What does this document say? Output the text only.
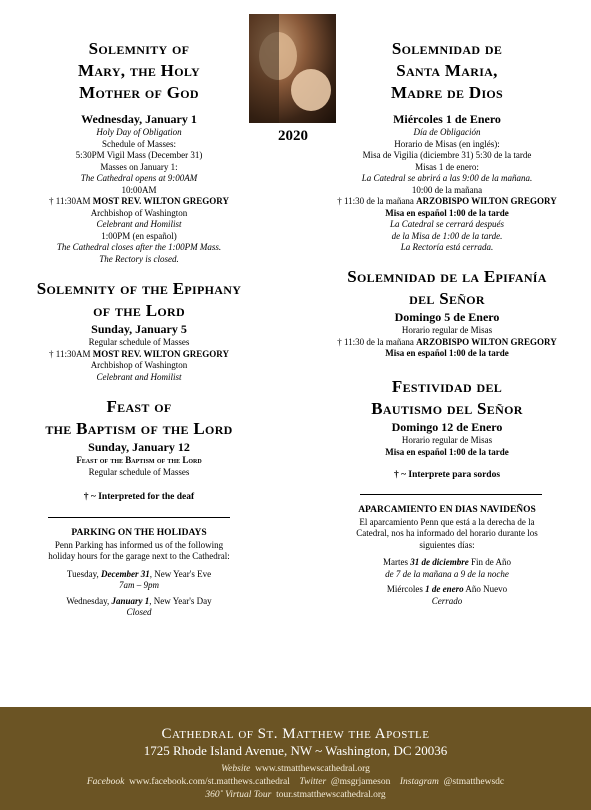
2020
Solemnity of
Mary, the Holy
Mother of God
Wednesday, January 1
Holy Day of Obligation
Schedule of Masses:
5:30PM Vigil Mass (December 31)
Masses on January 1:
The Cathedral opens at 9:00AM
10:00AM
† 11:30AM MOST REV. WILTON GREGORY
Archbishop of Washington
Celebrant and Homilist
1:00PM (en español)
The Cathedral closes after the 1:00PM Mass.
The Rectory is closed.
Solemnity of the Epiphany
of the Lord
Sunday, January 5
Regular schedule of Masses
† 11:30AM MOST REV. WILTON GREGORY
Archbishop of Washington
Celebrant and Homilist
Feast of
the Baptism of the Lord
Sunday, January 12
Feast of the Baptism of the Lord
Regular schedule of Masses
† ~ Interpreted for the deaf
PARKING ON THE HOLIDAYS
Penn Parking has informed us of the following
holiday hours for the garage next to the Cathedral:
Tuesday, December 31, New Year's Eve
7am – 9pm
Wednesday, January 1, New Year's Day
Closed
Solemnidad de
Santa Maria,
Madre de Dios
Miércoles 1 de Enero
Día de Obligación
Horario de Misas (en inglés):
Misa de Vigilia (diciembre 31) 5:30 de la tarde
Misas 1 de enero:
La Catedral se abrirá a las 9:00 de la mañana.
10:00 de la mañana
† 11:30 de la mañana ARZOBISPO WILTON GREGORY
Misa en español 1:00 de la tarde
La Catedral se cerrará después
de la Misa de 1:00 de la tarde.
La Rectoría está cerrada.
Solemnidad de la Epifanía
del Señor
Domingo 5 de Enero
Horario regular de Misas
† 11:30 de la mañana ARZOBISPO WILTON GREGORY
Misa en español 1:00 de la tarde
Festividad del
Bautismo del Señor
Domingo 12 de Enero
Horario regular de Misas
Misa en español 1:00 de la tarde
† ~ Interprete para sordos
APARCAMIENTO EN DIAS NAVIDEÑOS
El aparcamiento Penn que está a la derecha de la
Catedral, nos ha informado del horario durante los
siguientes días:
Martes 31 de diciembre Fin de Año
de 7 de la mañana a 9 de la noche
Miércoles 1 de enero Año Nuevo
Cerrado
Cathedral of St. Matthew the Apostle
1725 Rhode Island Avenue, NW ~ Washington, DC 20036
Website www.stmatthewscathedral.org
Facebook www.facebook.com/st.matthews.cathedral Twitter @msgrjameson Instagram @stmatthewsdc
360˚ Virtual Tour tour.stmatthewscathedral.org
